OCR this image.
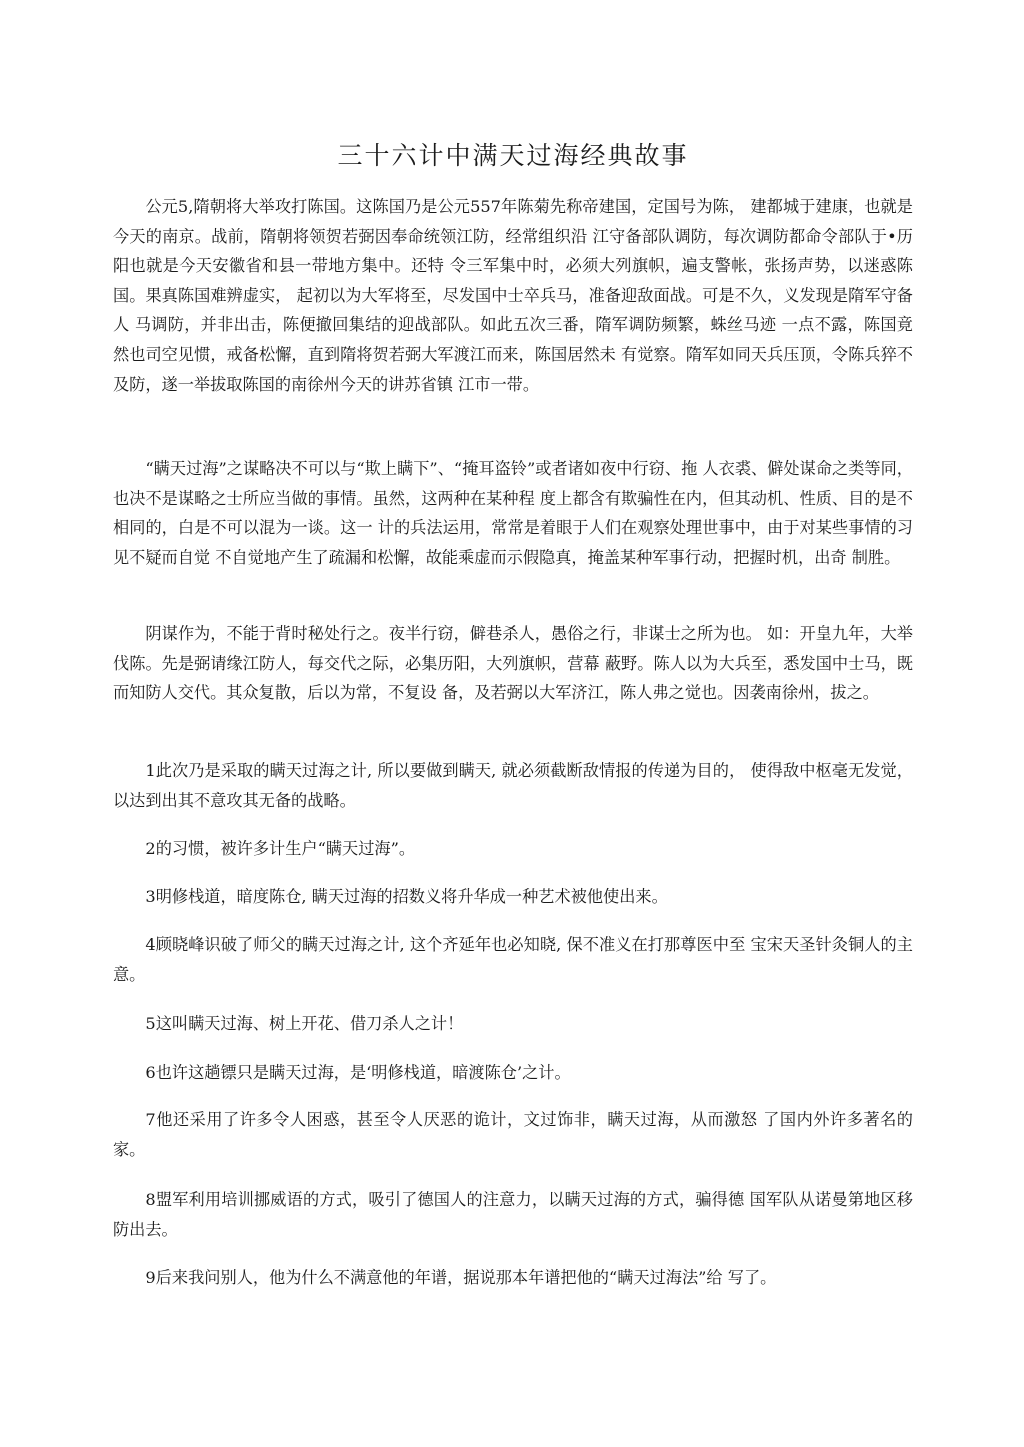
三十六计中满天过海经典故事

公元5,隋朝将大举攻打陈国。这陈国乃是公元557年陈菊先称帝建国，定国号为陈， 建都城于建康，也就是今天的南京。战前，隋朝将领贺若弼因奉命统领江防，经常组织沿 江守备部队调防，每次调防都命令部队于•历阳也就是今天安徽省和县一带地方集中。还特 令三军集中时，必须大列旗帜，遍支警帐，张扬声势，以迷惑陈国。果真陈国难辨虚实， 起初以为大军将至，尽发国中士卒兵马，准备迎敌面战。可是不久，义发现是隋军守备人 马调防，并非出击，陈便撤回集结的迎战部队。如此五次三番，隋军调防频繁，蛛丝马迹 一点不露，陈国竟然也司空见惯，戒备松懈，直到隋将贺若弼大军渡江而来，陈国居然未 有觉察。隋军如同天兵压顶，令陈兵猝不及防，遂一举拔取陈国的南徐州今天的讲苏省镇 江市一带。

“瞒天过海”之谋略决不可以与“欺上瞒下”、“掩耳盗铃”或者诸如夜中行窃、拖 人衣裘、僻处谋命之类等同，也决不是谋略之士所应当做的事情。虽然，这两种在某种程 度上都含有欺骗性在内，但其动机、性质、目的是不相同的，白是不可以混为一谈。这一 计的兵法运用，常常是着眼于人们在观察处理世事中，由于对某些事情的习见不疑而自觉 不自觉地产生了疏漏和松懈，故能乘虚而示假隐真，掩盖某种军事行动，把握时机，出奇 制胜。

阴谋作为，不能于背时秘处行之。夜半行窃，僻巷杀人，愚俗之行，非谋士之所为也。 如：开皇九年，大举伐陈。先是弼请缘江防人，每交代之际，必集历阳，大列旗帜，营幕 蔽野。陈人以为大兵至，悉发国中士马，既而知防人交代。其众复散，后以为常，不复设 备，及若弼以大军济江，陈人弗之觉也。因袭南徐州，拔之。

1此次乃是采取的瞒天过海之计, 所以要做到瞒天, 就必须截断敌情报的传递为目的， 使得敌中枢毫无发觉，以达到出其不意攻其无备的战略。

2的习惯，被许多计生户“瞒天过海”。

3明修栈道，暗度陈仓, 瞒天过海的招数义将升华成一种艺术被他使出来。

4顾晓峰识破了师父的瞒天过海之计, 这个齐延年也必知晓, 保不准义在打那尊医中至 宝宋天圣针灸铜人的主意。

5这叫瞒天过海、树上开花、借刀杀人之计！

6也许这趟镖只是瞒天过海，是‘明修栈道，暗渡陈仓’之计。

7他还采用了许多令人困惑，甚至令人厌恶的诡计，文过饰非，瞒天过海，从而激怒 了国内外许多著名的家。

8盟军利用培训挪威语的方式，吸引了德国人的注意力，以瞒天过海的方式，骗得德 国军队从诺曼第地区移防出去。

9后来我问别人，他为什么不满意他的年谱，据说那本年谱把他的“瞒天过海法”给 写了。
